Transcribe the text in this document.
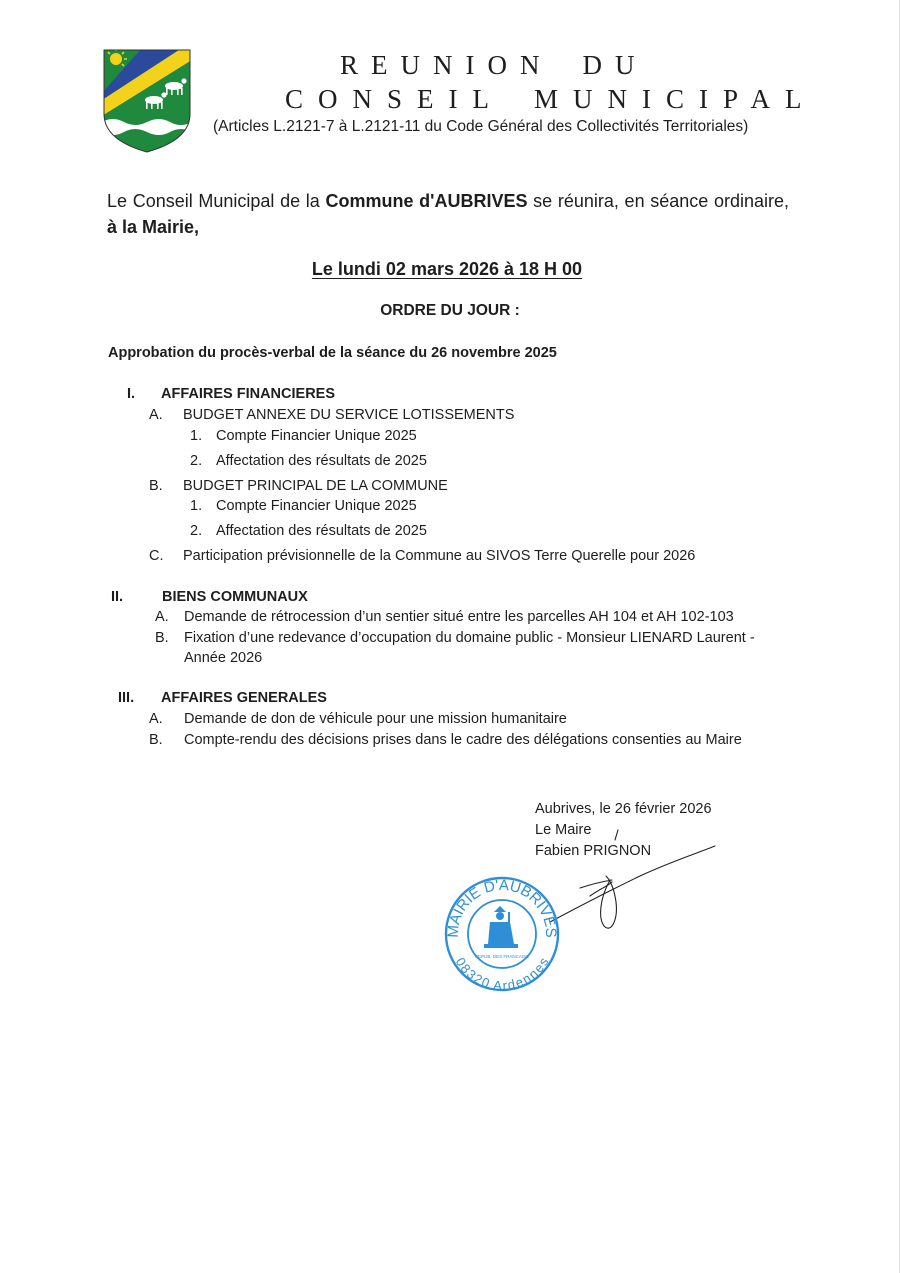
REUNION DU
CONSEIL MUNICIPAL
(Articles L.2121-7 à L.2121-11 du Code Général des Collectivités Territoriales)
Le Conseil Municipal de la Commune d'AUBRIVES se réunira, en séance ordinaire, à la Mairie,
Le lundi 02 mars 2026 à 18 H 00
ORDRE DU JOUR :
Approbation du procès-verbal de la séance du 26 novembre 2025
I. AFFAIRES FINANCIERES
A. BUDGET ANNEXE DU SERVICE LOTISSEMENTS
1. Compte Financier Unique 2025
2. Affectation des résultats de 2025
B. BUDGET PRINCIPAL DE LA COMMUNE
1. Compte Financier Unique 2025
2. Affectation des résultats de 2025
C. Participation prévisionnelle de la Commune au SIVOS Terre Querelle pour 2026
II.	BIENS COMMUNAUX
A. Demande de rétrocession d’un sentier situé entre les parcelles AH 104 et AH 102-103
B. Fixation d’une redevance d’occupation du domaine public - Monsieur LIENARD Laurent -
Année 2026
III. AFFAIRES GENERALES
A. Demande de don de véhicule pour une mission humanitaire
B. Compte-rendu des décisions prises dans le cadre des délégations consenties au Maire
Aubrives, le 26 février 2026
Le Maire
Fabien PRIGNON
MAIRIE D'AUBRIVES
08320 Ardennes
REPUB. DES FRANCAISE
